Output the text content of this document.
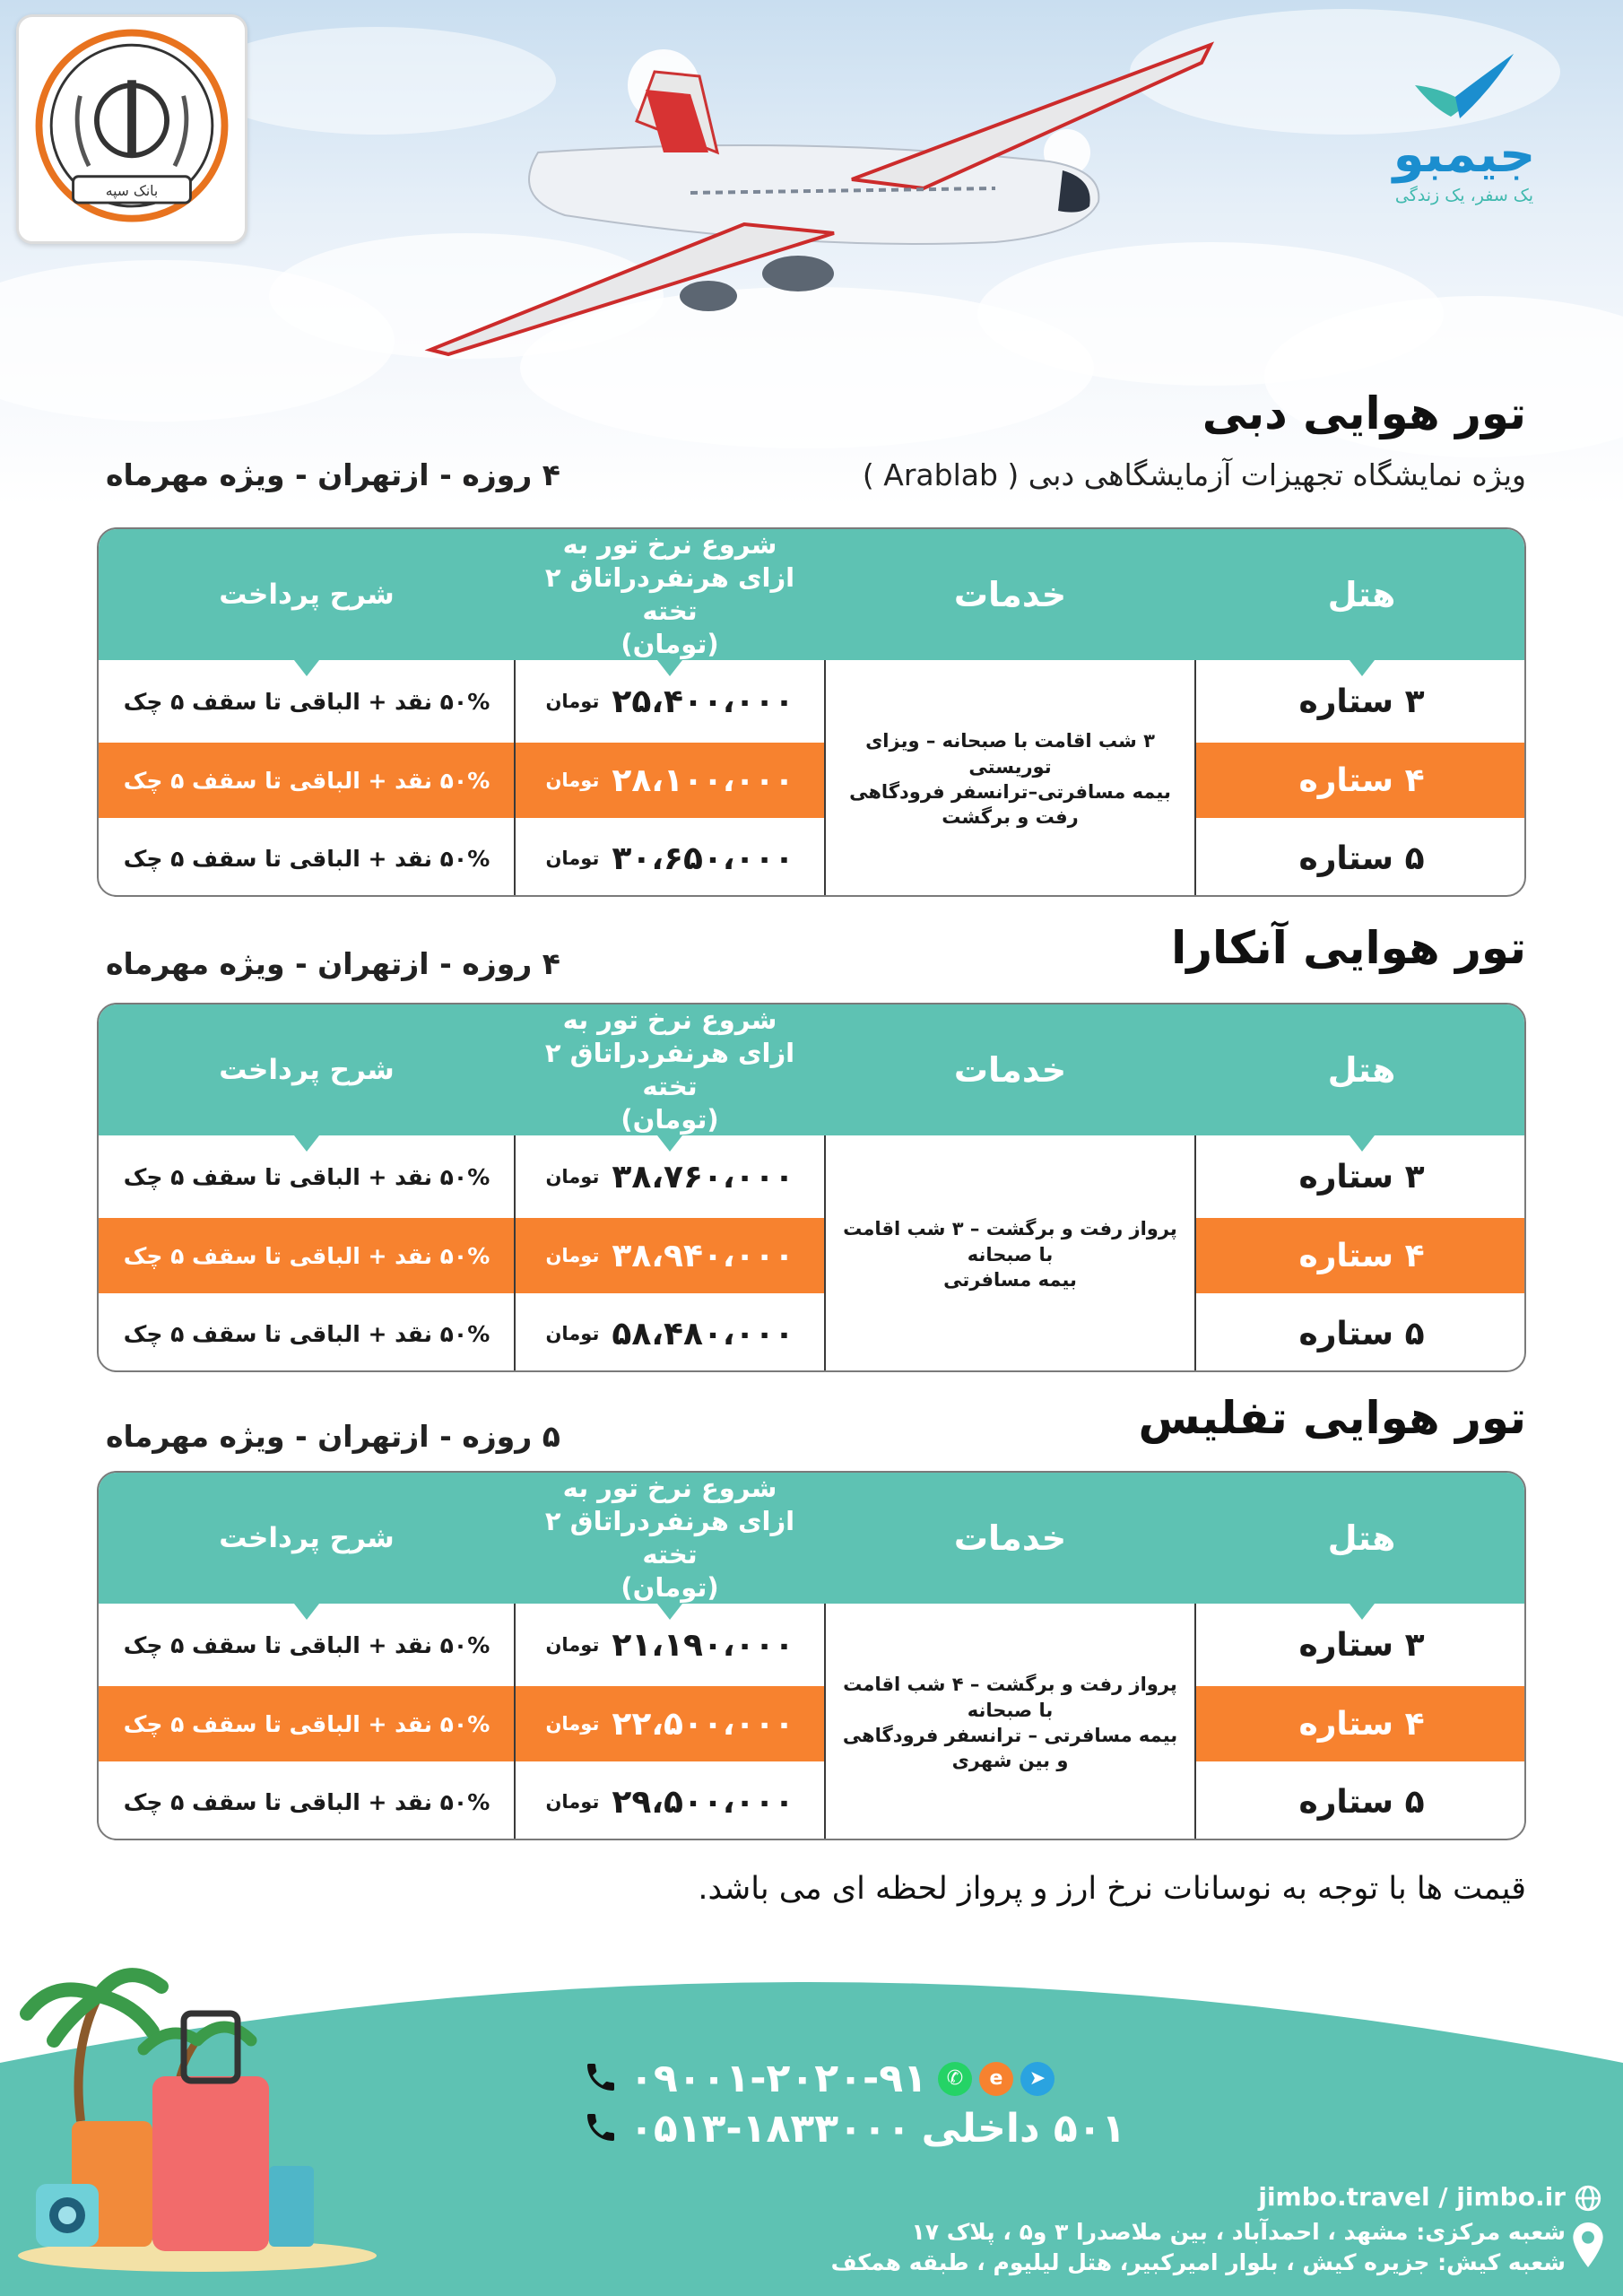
بانک سپه
جیمبو
یک سفر، یک زندگی
تور هوایی دبی
ویژه نمایشگاه تجهیزات آزمایشگاهی دبی ( Arablab )
۴ روزه - ازتهران - ویژه مهرماه
هتل
خدمات
شروع نرخ تور به
ازای هرنفردراتاق ۲ تخته
(تومان)
شرح پرداخت
۳ ستاره
۲۵،۴۰۰،۰۰۰
تومان
۵۰% نقد + الباقی تا سقف ۵ چک
۴ ستاره
۲۸،۱۰۰،۰۰۰
تومان
۵۰% نقد + الباقی تا سقف ۵ چک
۵ ستاره
۳۰،۶۵۰،۰۰۰
تومان
۵۰% نقد + الباقی تا سقف ۵ چک
۳ شب اقامت با صبحانه – ویزای توریستی
بیمه مسافرتی–ترانسفر فرودگاهی رفت و برگشت
تور هوایی آنکارا
۴ روزه - ازتهران - ویژه مهرماه
هتل
خدمات
شروع نرخ تور به
ازای هرنفردراتاق ۲ تخته
(تومان)
شرح پرداخت
۳ ستاره
۳۸،۷۶۰،۰۰۰
تومان
۵۰% نقد + الباقی تا سقف ۵ چک
۴ ستاره
۳۸،۹۴۰،۰۰۰
تومان
۵۰% نقد + الباقی تا سقف ۵ چک
۵ ستاره
۵۸،۴۸۰،۰۰۰
تومان
۵۰% نقد + الباقی تا سقف ۵ چک
پرواز رفت و برگشت – ۳ شب اقامت با صبحانه
بیمه مسافرتی
تور هوایی تفلیس
۵ روزه - ازتهران - ویژه مهرماه
هتل
خدمات
شروع نرخ تور به
ازای هرنفردراتاق ۲ تخته
(تومان)
شرح پرداخت
۳ ستاره
۲۱،۱۹۰،۰۰۰
تومان
۵۰% نقد + الباقی تا سقف ۵ چک
۴ ستاره
۲۲،۵۰۰،۰۰۰
تومان
۵۰% نقد + الباقی تا سقف ۵ چک
۵ ستاره
۲۹،۵۰۰،۰۰۰
تومان
۵۰% نقد + الباقی تا سقف ۵ چک
پرواز رفت و برگشت – ۴ شب اقامت با صبحانه
بیمه مسافرتی – ترانسفر فرودگاهی و بین شهری
قیمت ها با توجه به نوسانات نرخ ارز و پرواز لحظه ای می باشد.
۰۹۰۰۱-۲۰۲۰-۹۱ ✆	e	➤
۰۵۱۳-۱۸۳۳۰۰۰ ۵۰۱ داخلی
jimbo.travel / jimbo.ir
شعبه مرکزی: مشهد ، احمدآباد ، بین ملاصدرا ۳ و۵ ، پلاک ۱۷
شعبه کیش: جزیره کیش ، بلوار امیرکبیر، هتل لیلیوم ، طبقه همکف
